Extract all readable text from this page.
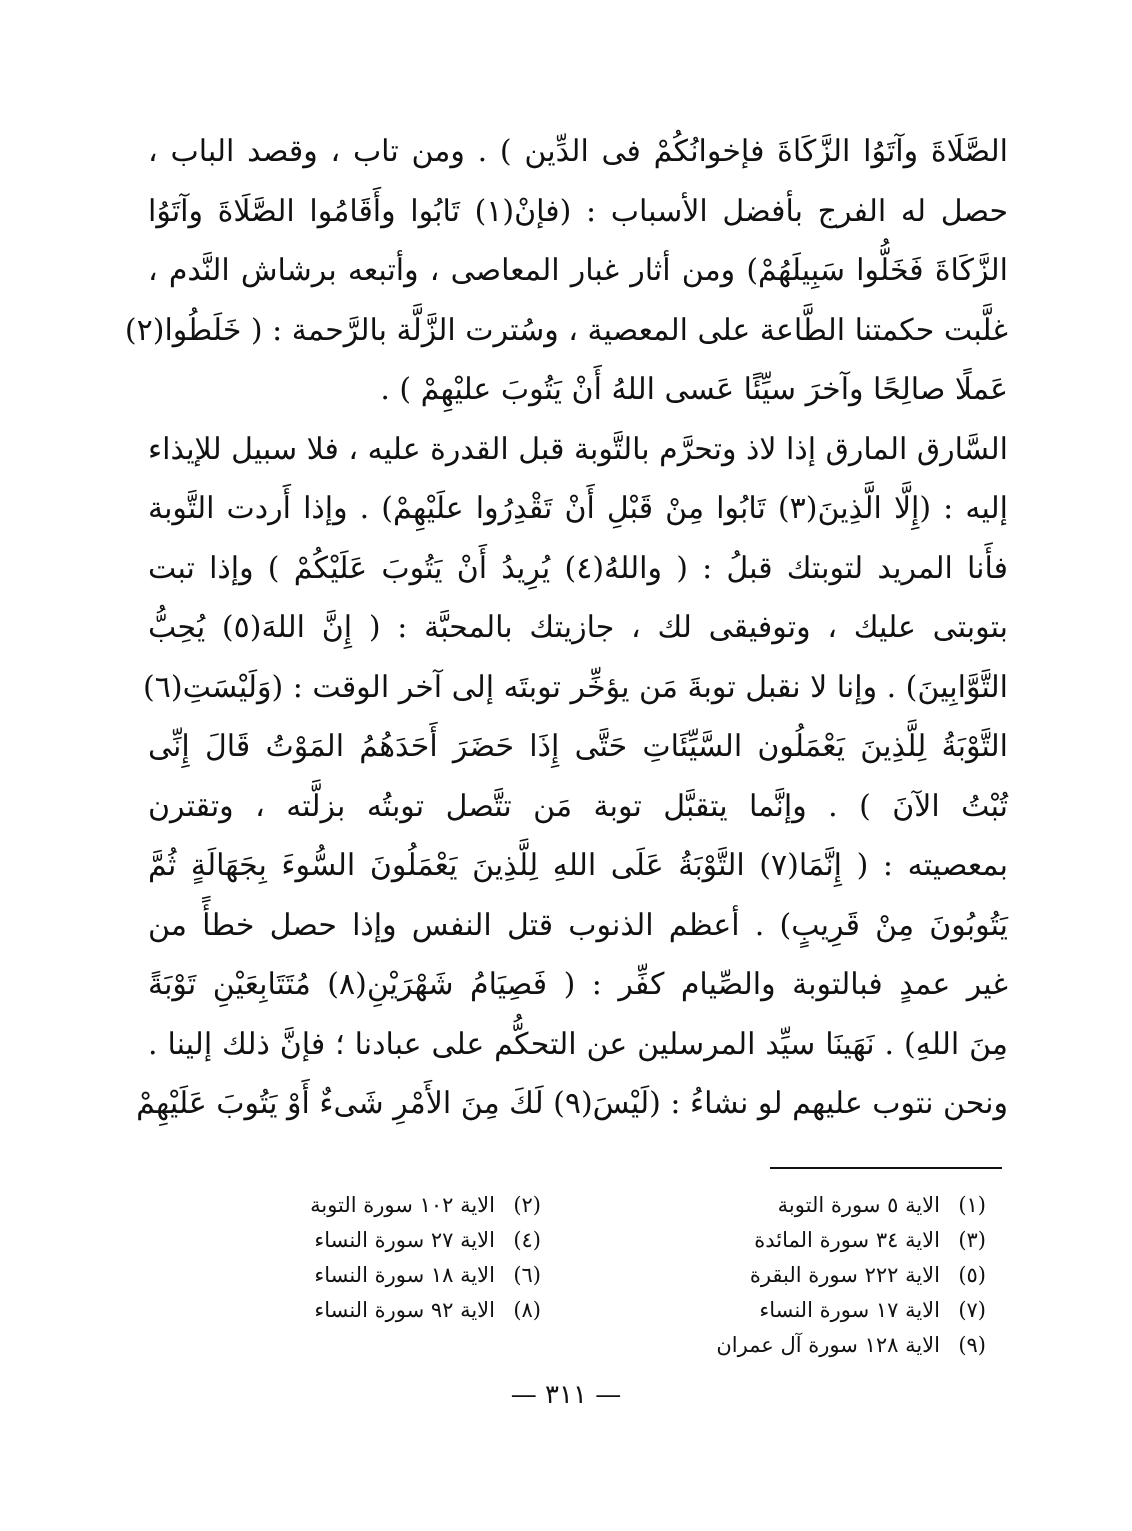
الصَّلَاةَ وآتَوُا الزَّكَاةَ فإخوانُكُمْ فى الدِّين ) . ومن تاب ، وقصد الباب ،
حصل له الفرج بأفضل الأسباب : (فإنْ(١) تَابُوا وأَقَامُوا الصَّلَاةَ وآتَوُا
الزَّكَاةَ فَخَلُّوا سَبِيلَهُمْ) ومن أثار غبار المعاصى ، وأتبعه برشاش النَّدم ،
غلَّبت حكمتنا الطَّاعة على المعصية ، وسُترت الزَّلَّة بالرَّحمة : ( خَلَطُوا(٢)
عَملًا صالِحًا وآخرَ سيِّئًا عَسى اللهُ أَنْ يَتُوبَ عليْهِمْ ) .
السَّارق المارق إذا لاذ وتحرَّم بالتَّوبة قبل القدرة عليه ، فلا سبيل للإيذاء
إليه : (إِلَّا الَّذِينَ(٣) تَابُوا مِنْ قَبْلِ أَنْ تَقْدِرُوا علَيْهِمْ) . وإذا أَردت التَّوبة
فأَنا المريد لتوبتك قبلُ : ( واللهُ(٤) يُرِيدُ أَنْ يَتُوبَ عَلَيْكُمْ ) وإذا تبت
بتوبتى عليك ، وتوفيقى لك ، جازيتك بالمحبَّة : ( إِنَّ اللهَ(٥) يُحِبُّ
التَّوَّابِينَ) . وإنا لا نقبل توبةَ مَن يؤخِّر توبتَه إلى آخر الوقت : (وَلَيْسَتِ(٦)
التَّوْبَةُ لِلَّذِينَ يَعْمَلُون السَّيِّئَاتِ حَتَّى إِذَا حَضَرَ أَحَدَهُمُ المَوْتُ قَالَ إِنِّى
تُبْتُ الآنَ ) . وإنَّما يتقبَّل توبة مَن تتَّصل توبتُه بزلَّته ، وتقترن
بمعصيته : ( إِنَّمَا(٧) التَّوْبَةُ عَلَى اللهِ لِلَّذِينَ يَعْمَلُونَ السُّوءَ بِجَهَالَةٍ ثُمَّ
يَتُوبُونَ مِنْ قَرِيبٍ) . أعظم الذنوب قتل النفس وإذا حصل خطأً من
غير عمدٍ فبالتوبة والصِّيام كفِّر : ( فَصِيَامُ شَهْرَيْنِ(٨) مُتَتَابِعَيْنِ تَوْبَةً
مِنَ اللهِ) . نَهَينَا سيِّد المرسلين عن التحكُّم على عبادنا ؛ فإنَّ ذلك إلينا .
ونحن نتوب عليهم لو نشاءُ : (لَيْسَ(٩) لَكَ مِنَ الأَمْرِ شَىءٌ أَوْ يَتُوبَ عَلَيْهِمْ
(١)الاية ٥ سورة التوبة
(٣)الاية ٣٤ سورة المائدة
(٥)الاية ٢٢٢ سورة البقرة
(٧)الاية ١٧ سورة النساء
(٩)الاية ١٢٨ سورة آل عمران
(٢)الاية ١٠٢ سورة التوبة
(٤)الاية ٢٧ سورة النساء
(٦)الاية ١٨ سورة النساء
(٨)الاية ٩٢ سورة النساء
— ٣١١ —
